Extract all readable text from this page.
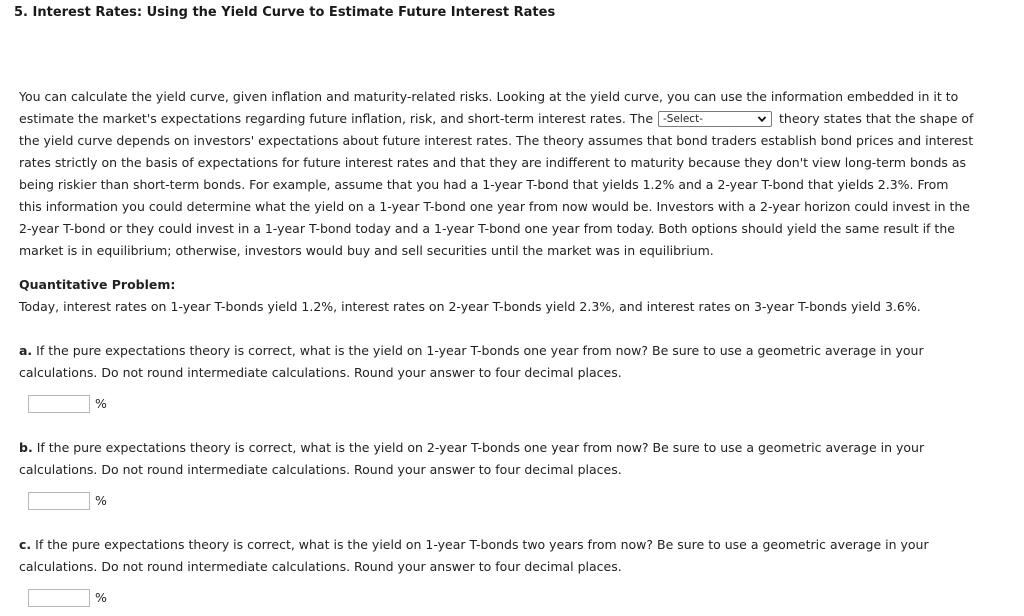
5. Interest Rates: Using the Yield Curve to Estimate Future Interest Rates

You can calculate the yield curve, given inflation and maturity-related risks. Looking at the yield curve, you can use the information embedded in it to

estimate the market's expectations regarding future inflation, risk, and short-term interest rates. The -Select-	theory states that the shape of

the yield curve depends on investors' expectations about future interest rates. The theory assumes that bond traders establish bond prices and interest

rates strictly on the basis of expectations for future interest rates and that they are indifferent to maturity because they don't view long-term bonds as

being riskier than short-term bonds. For example, assume that you had a 1-year T-bond that yields 1.2% and a 2-year T-bond that yields 2.3%. From

this information you could determine what the yield on a 1-year T-bond one year from now would be. Investors with a 2-year horizon could invest in the

2-year T-bond or they could invest in a 1-year T-bond today and a 1-year T-bond one year from today. Both options should yield the same result if the

market is in equilibrium; otherwise, investors would buy and sell securities until the market was in equilibrium.

Quantitative Problem:
Today, interest rates on 1-year T-bonds yield 1.2%, interest rates on 2-year T-bonds yield 2.3%, and interest rates on 3-year T-bonds yield 3.6%.

a. If the pure expectations theory is correct, what is the yield on 1-year T-bonds one year from now? Be sure to use a geometric average in your

calculations. Do not round intermediate calculations. Round your answer to four decimal places.

%

b. If the pure expectations theory is correct, what is the yield on 2-year T-bonds one year from now? Be sure to use a geometric average in your

calculations. Do not round intermediate calculations. Round your answer to four decimal places.

%

c. If the pure expectations theory is correct, what is the yield on 1-year T-bonds two years from now? Be sure to use a geometric average in your

calculations. Do not round intermediate calculations. Round your answer to four decimal places.

%
